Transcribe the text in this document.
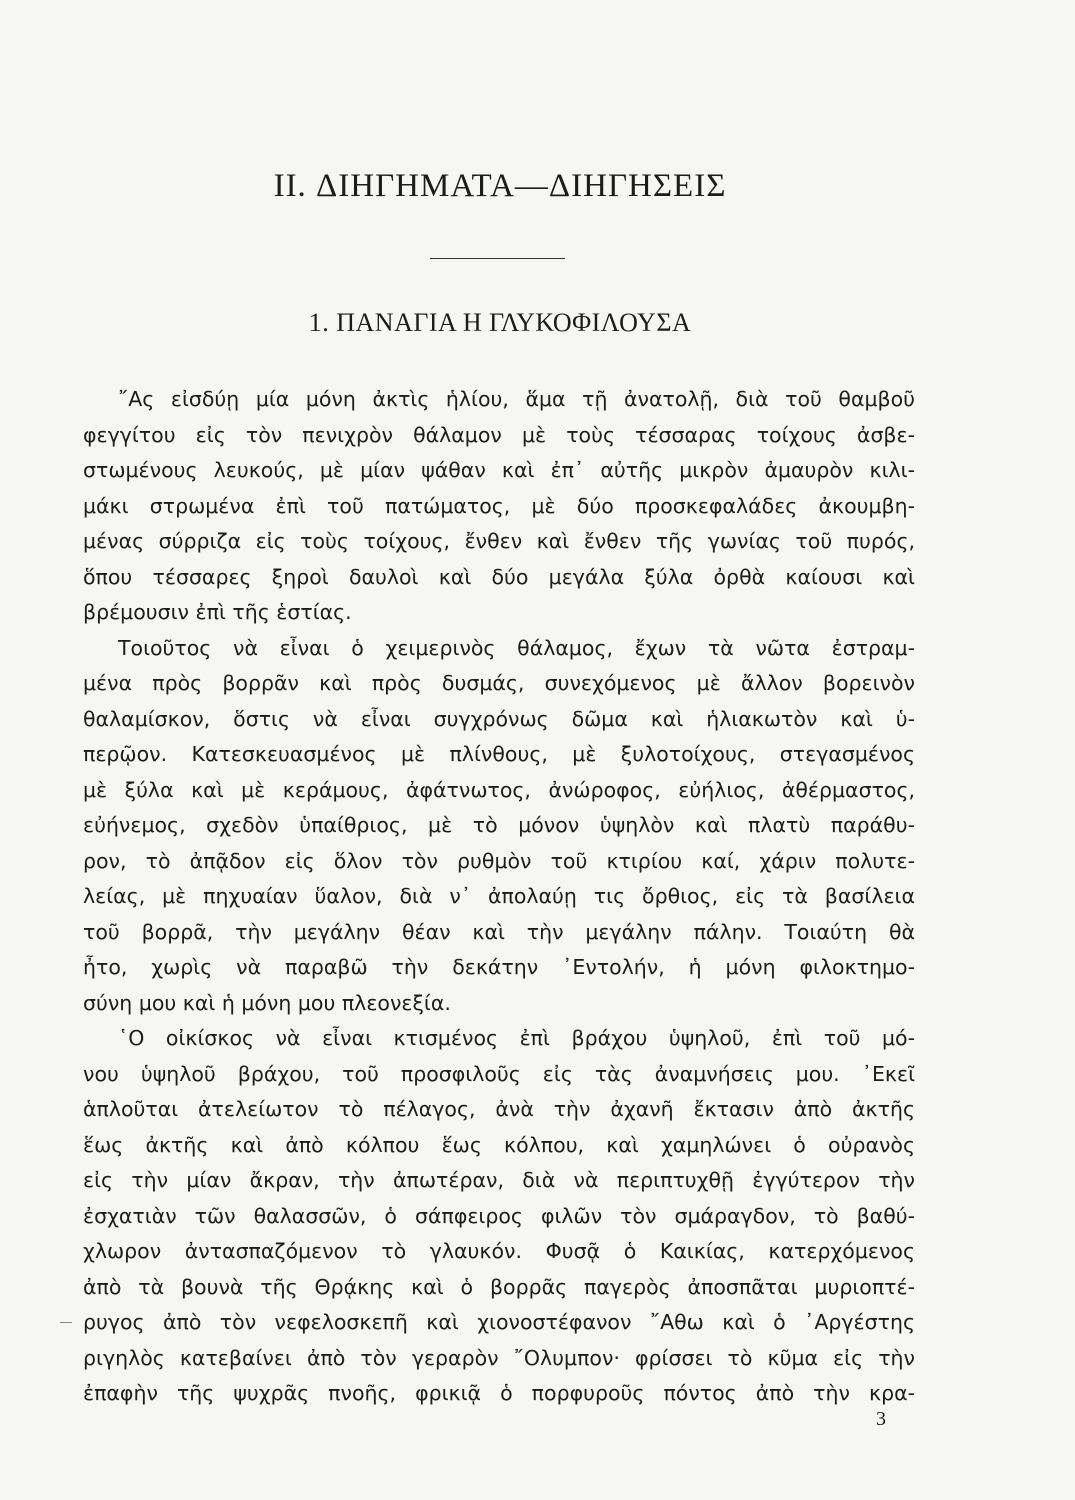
II. ΔΙΗΓΗΜΑΤΑ—ΔΙΗΓΗΣΕΙΣ
1. ΠΑΝΑΓΙΑ Η ΓΛΥΚΟΦΙΛΟΥΣΑ
῎Ας εἰσδύῃ μία μόνη ἀκτὶς ἡλίου, ἅμα τῇ ἀνατολῇ, διὰ τοῦ θαμβοῦ
φεγγίτου εἰς τὸν πενιχρὸν θάλαμον μὲ τοὺς τέσσαρας τοίχους ἀσβε-
στωμένους λευκούς, μὲ μίαν ψάθαν καὶ ἐπ᾽ αὐτῆς μικρὸν ἀμαυρὸν κιλι-
μάκι στρωμένα ἐπὶ τοῦ πατώματος, μὲ δύο προσκεφαλάδες ἀκουμβη-
μένας σύρριζα εἰς τοὺς τοίχους, ἔνθεν καὶ ἔνθεν τῆς γωνίας τοῦ πυρός,
ὅπου τέσσαρες ξηροὶ δαυλοὶ καὶ δύο μεγάλα ξύλα ὀρθὰ καίουσι καὶ
βρέμουσιν ἐπὶ τῆς ἑστίας.
Τοιοῦτος νὰ εἶναι ὁ χειμερινὸς θάλαμος, ἔχων τὰ νῶτα ἐστραμ-
μένα πρὸς βορρᾶν καὶ πρὸς δυσμάς, συνεχόμενος μὲ ἄλλον βορεινὸν
θαλαμίσκον, ὅστις νὰ εἶναι συγχρόνως δῶμα καὶ ἡλιακωτὸν καὶ ὑ-
περῷον. Κατεσκευασμένος μὲ πλίνθους, μὲ ξυλοτοίχους, στεγασμένος
μὲ ξύλα καὶ μὲ κεράμους, ἀφάτνωτος, ἀνώροφος, εὐήλιος, ἀθέρμαστος,
εὐήνεμος, σχεδὸν ὑπαίθριος, μὲ τὸ μόνον ὑψηλὸν καὶ πλατὺ παράθυ-
ρον, τὸ ἀπᾷδον εἰς ὅλον τὸν ρυθμὸν τοῦ κτιρίου καί, χάριν πολυτε-
λείας, μὲ πηχυαίαν ὕαλον, διὰ ν᾽ ἀπολαύῃ τις ὄρθιος, εἰς τὰ βασίλεια
τοῦ βορρᾶ, τὴν μεγάλην θέαν καὶ τὴν μεγάλην πάλην. Τοιαύτη θὰ
ἦτο, χωρὶς νὰ παραβῶ τὴν δεκάτην ᾿Εντολήν, ἡ μόνη φιλοκτημο-
σύνη μου καὶ ἡ μόνη μου πλεονεξία.
῾Ο οἰκίσκος νὰ εἶναι κτισμένος ἐπὶ βράχου ὑψηλοῦ, ἐπὶ τοῦ μό-
νου ὑψηλοῦ βράχου, τοῦ προσφιλοῦς εἰς τὰς ἀναμνήσεις μου. ᾿Εκεῖ
ἁπλοῦται ἀτελείωτον τὸ πέλαγος, ἀνὰ τὴν ἀχανῆ ἔκτασιν ἀπὸ ἀκτῆς
ἕως ἀκτῆς καὶ ἀπὸ κόλπου ἕως κόλπου, καὶ χαμηλώνει ὁ οὐρανὸς
εἰς τὴν μίαν ἄκραν, τὴν ἀπωτέραν, διὰ νὰ περιπτυχθῇ ἐγγύτερον τὴν
ἐσχατιὰν τῶν θαλασσῶν, ὁ σάπφειρος φιλῶν τὸν σμάραγδον, τὸ βαθύ-
χλωρον ἀντασπαζόμενον τὸ γλαυκόν. Φυσᾷ ὁ Καικίας, κατερχόμενος
ἀπὸ τὰ βουνὰ τῆς Θρᾴκης καὶ ὁ βορρᾶς παγερὸς ἀποσπᾶται μυριοπτέ-
ρυγος ἀπὸ τὸν νεφελοσκεπῆ καὶ χιονοστέφανον ῎Αθω καὶ ὁ ᾿Αργέστης
ριγηλὸς κατεβαίνει ἀπὸ τὸν γεραρὸν ῎Ολυμπον· φρίσσει τὸ κῦμα εἰς τὴν
ἐπαφὴν τῆς ψυχρᾶς πνοῆς, φρικιᾷ ὁ πορφυροῦς πόντος ἀπὸ τὴν κρα-
3
